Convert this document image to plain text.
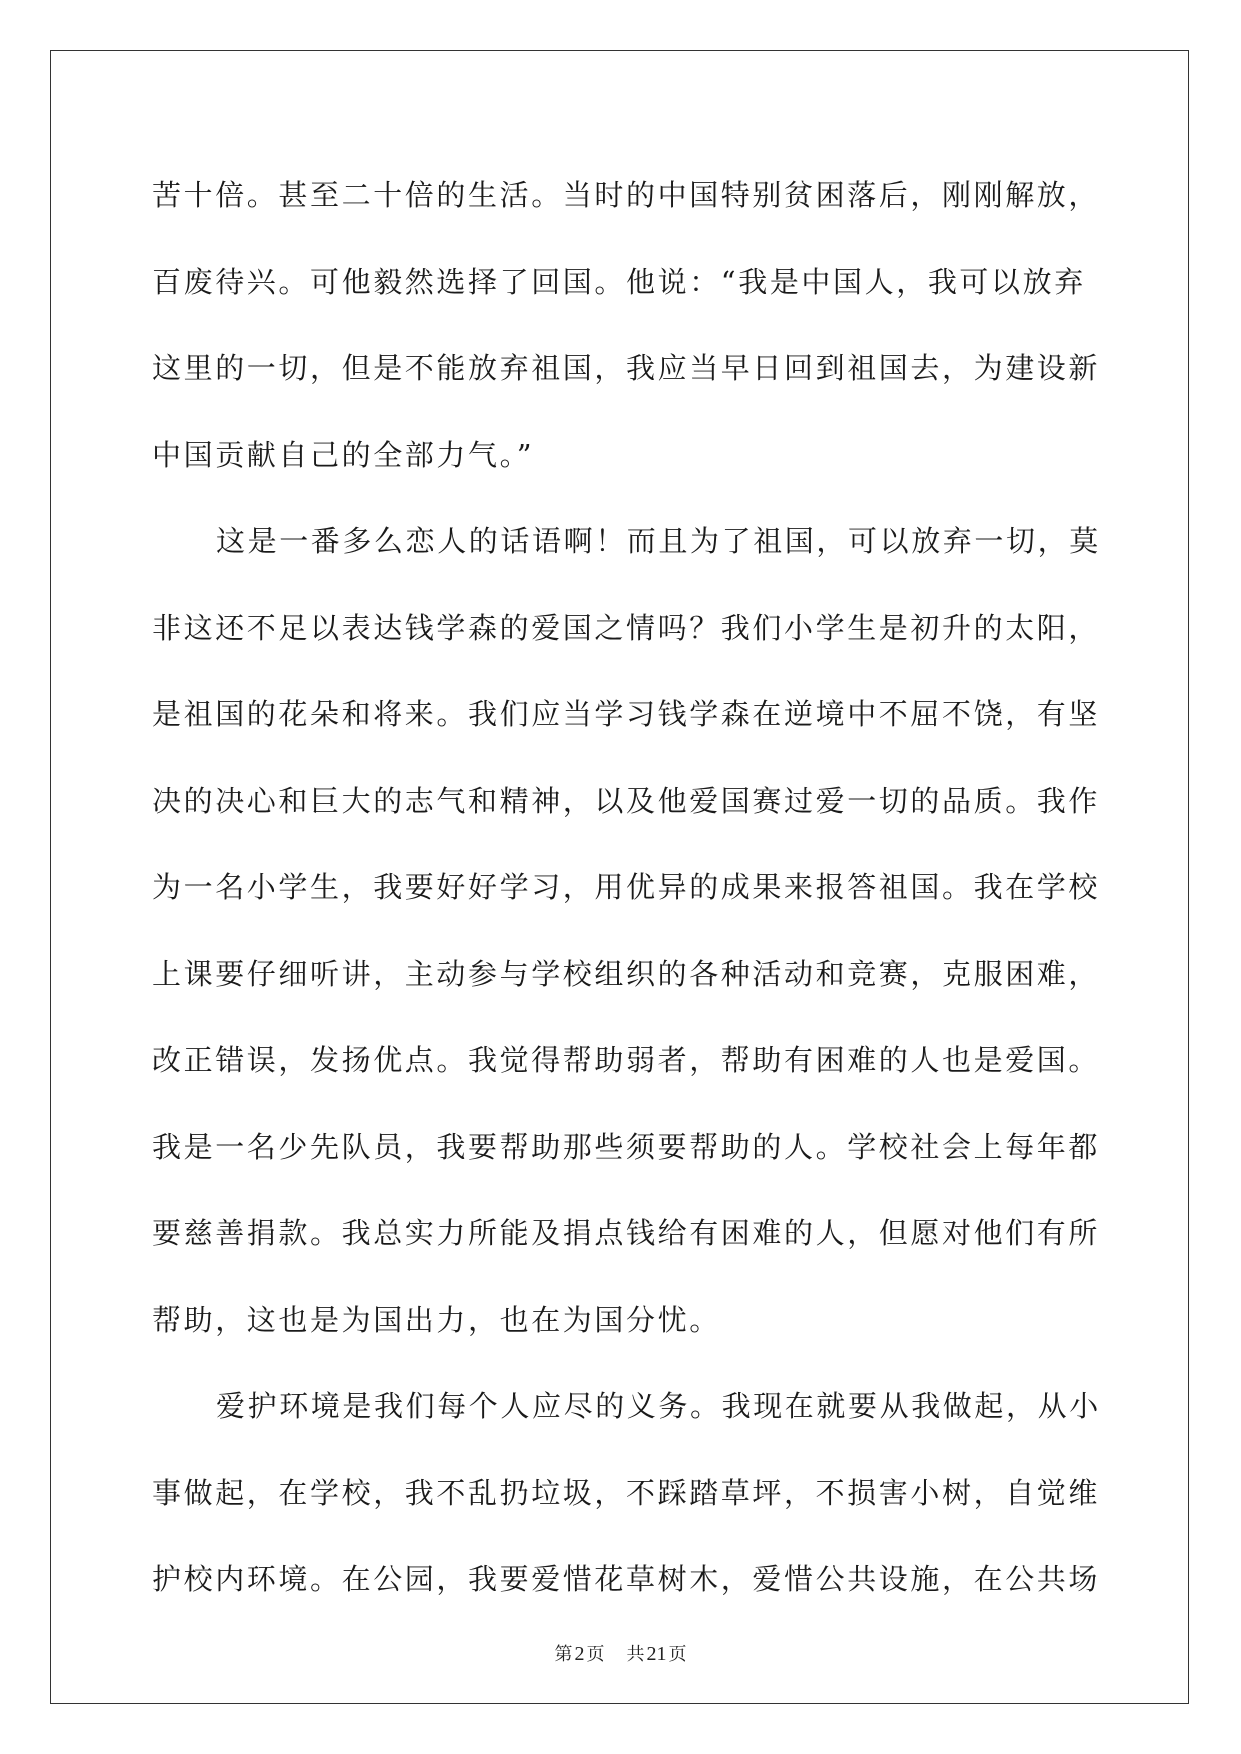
苦十倍。甚至二十倍的生活。当时的中国特别贫困落后，刚刚解放，
百废待兴。可他毅然选择了回国。他说：“我是中国人，我可以放弃
这里的一切，但是不能放弃祖国，我应当早日回到祖国去，为建设新
中国贡献自己的全部力气。”
这是一番多么恋人的话语啊！而且为了祖国，可以放弃一切，莫
非这还不足以表达钱学森的爱国之情吗？我们小学生是初升的太阳，
是祖国的花朵和将来。我们应当学习钱学森在逆境中不屈不饶，有坚
决的决心和巨大的志气和精神，以及他爱国赛过爱一切的品质。我作
为一名小学生，我要好好学习，用优异的成果来报答祖国。我在学校
上课要仔细听讲，主动参与学校组织的各种活动和竞赛，克服困难，
改正错误，发扬优点。我觉得帮助弱者，帮助有困难的人也是爱国。
我是一名少先队员，我要帮助那些须要帮助的人。学校社会上每年都
要慈善捐款。我总实力所能及捐点钱给有困难的人，但愿对他们有所
帮助，这也是为国出力，也在为国分忧。
爱护环境是我们每个人应尽的义务。我现在就要从我做起，从小
事做起，在学校，我不乱扔垃圾，不踩踏草坪，不损害小树，自觉维
护校内环境。在公园，我要爱惜花草树木，爱惜公共设施，在公共场
第 2 页 共 21 页
